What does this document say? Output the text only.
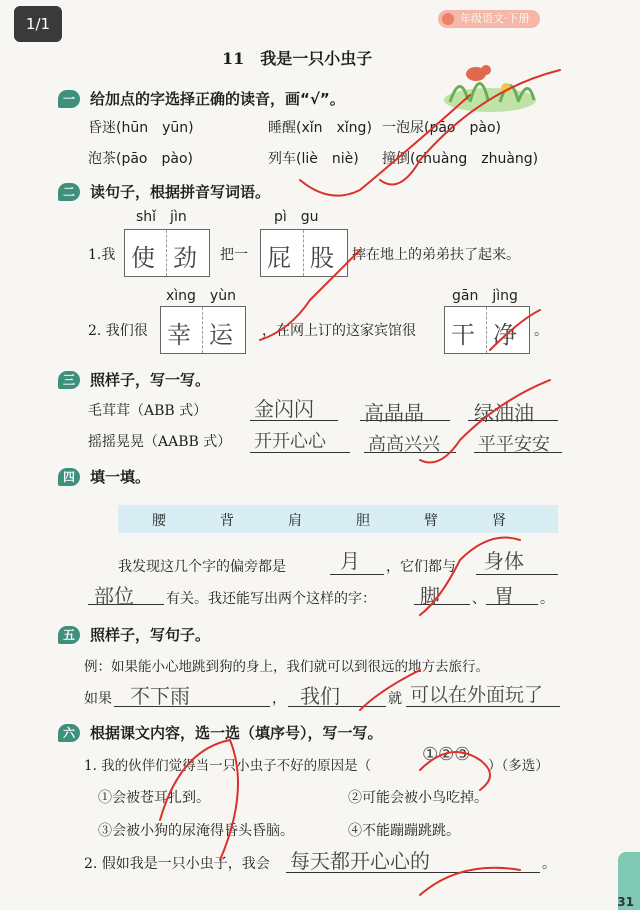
1/1	年级语文·下册
11　我是一只小虫子
一	给加点的字选择正确的读音，画“√”。
昏迷(hūn　yūn)	睡醒(xǐn　xǐng) 一泡尿(pāo　pào)
泡茶(pāo　pào)	列车(liè　niè) 撞倒(chuàng　zhuàng)
二	读句子，根据拼音写词语。
shǐ　jìn	pì　gu
1.我 使 劲 把一 屁 股 摔在地上的弟弟扶了起来。
xìng　yùn	gān　jìng
2. 我们很 幸 运 ，在网上订的这家宾馆很 干 净 。
三	照样子，写一写。
毛茸茸（ABB 式） 金闪闪	高晶晶	绿油油
摇摇晃晃（AABB 式） 开开心心 高高兴兴 平平安安
四	填一填。
腰	背	肩	胆	臂	肾
我发现这几个字的偏旁都是	月 ，它们都与 身体
部位 有关。我还能写出两个这样的字： 脚 、 胃 。
五	照样子，写句子。
例：如果能小心地跳到狗的身上，我们就可以到很远的地方去旅行。
如果 不下雨	， 我们	就 可以在外面玩了
六	根据课文内容，选一选（填序号），写一写。
1. 我的伙伴们觉得当一只小虫子不好的原因是（
①②③
）（多选）
①会被苍耳扎到。	②可能会被小鸟吃掉。
③会被小狗的尿淹得昏头昏脑。	④不能蹦蹦跳跳。
2. 假如我是一只小虫子，我会 每天都开心心的	。
31
